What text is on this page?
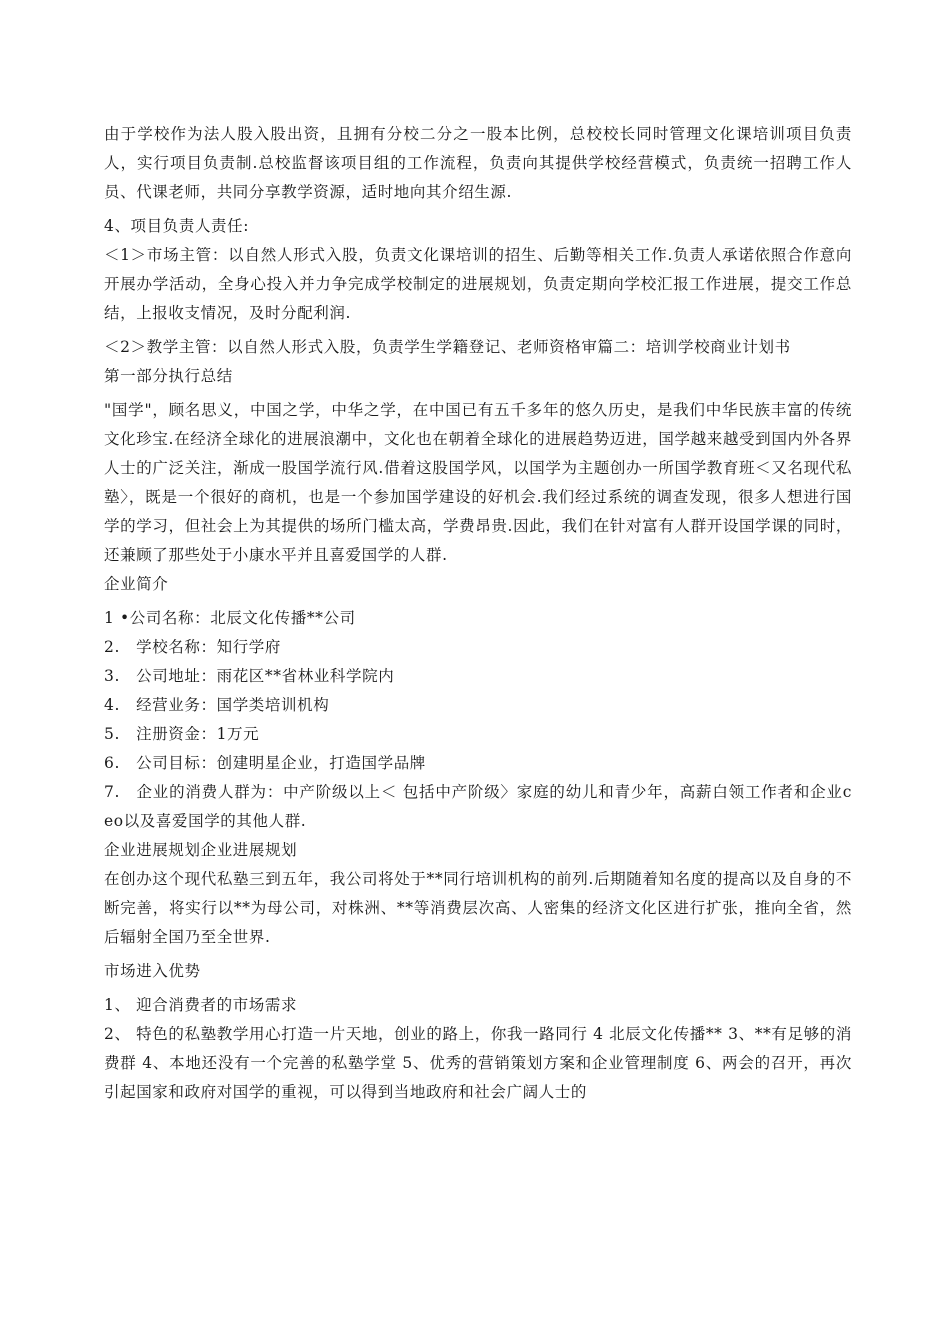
由于学校作为法人股入股出资，且拥有分校二分之一股本比例，总校校长同时管理文化课培训项目负责人，实行项目负责制.总校监督该项目组的工作流程，负责向其提供学校经营模式，负责统一招聘工作人员、代课老师，共同分享教学资源，适时地向其介绍生源.

4、项目负责人责任:

＜1＞市场主管：以自然人形式入股，负责文化课培训的招生、后勤等相关工作.负责人承诺依照合作意向开展办学活动，全身心投入并力争完成学校制定的进展规划，负责定期向学校汇报工作进展，提交工作总结，上报收支情况，及时分配利润.

＜2＞教学主管：以自然人形式入股，负责学生学籍登记、老师资格审篇二：培训学校商业计划书

第一部分执行总结

"国学"，顾名思义，中国之学，中华之学，在中国已有五千多年的悠久历史，是我们中华民族丰富的传统文化珍宝.在经济全球化的进展浪潮中，文化也在朝着全球化的进展趋势迈进，国学越来越受到国内外各界人士的广泛关注，渐成一股国学流行风.借着这股国学风，以国学为主题创办一所国学教育班＜又名现代私塾〉，既是一个很好的商机，也是一个参加国学建设的好机会.我们经过系统的调查发现，很多人想进行国学的学习，但社会上为其提供的场所门槛太高，学费昂贵.因此，我们在针对富有人群开设国学课的同时，还兼顾了那些处于小康水平并且喜爱国学的人群.

企业简介

1 •公司名称：北辰文化传播**公司

2.　学校名称：知行学府

3.　公司地址：雨花区**省林业科学院内

4.　经营业务：国学类培训机构

5.　注册资金：1万元

6.　公司目标：创建明星企业，打造国学品牌

7.　企业的消费人群为：中产阶级以上＜ 包括中产阶级〉家庭的幼儿和青少年，高薪白领工作者和企业ceo以及喜爱国学的其他人群.

企业进展规划企业进展规划

在创办这个现代私塾三到五年，我公司将处于**同行培训机构的前列.后期随着知名度的提高以及自身的不断完善，将实行以**为母公司，对株洲、**等消费层次高、人密集的经济文化区进行扩张，推向全省，然后辐射全国乃至全世界.

市场进入优势

1、 迎合消费者的市场需求

2、 特色的私塾教学用心打造一片天地，创业的路上，你我一路同行 4 北辰文化传播** 3、**有足够的消费群 4、本地还没有一个完善的私塾学堂 5、优秀的营销策划方案和企业管理制度 6、两会的召开，再次引起国家和政府对国学的重视，可以得到当地政府和社会广阔人士的
